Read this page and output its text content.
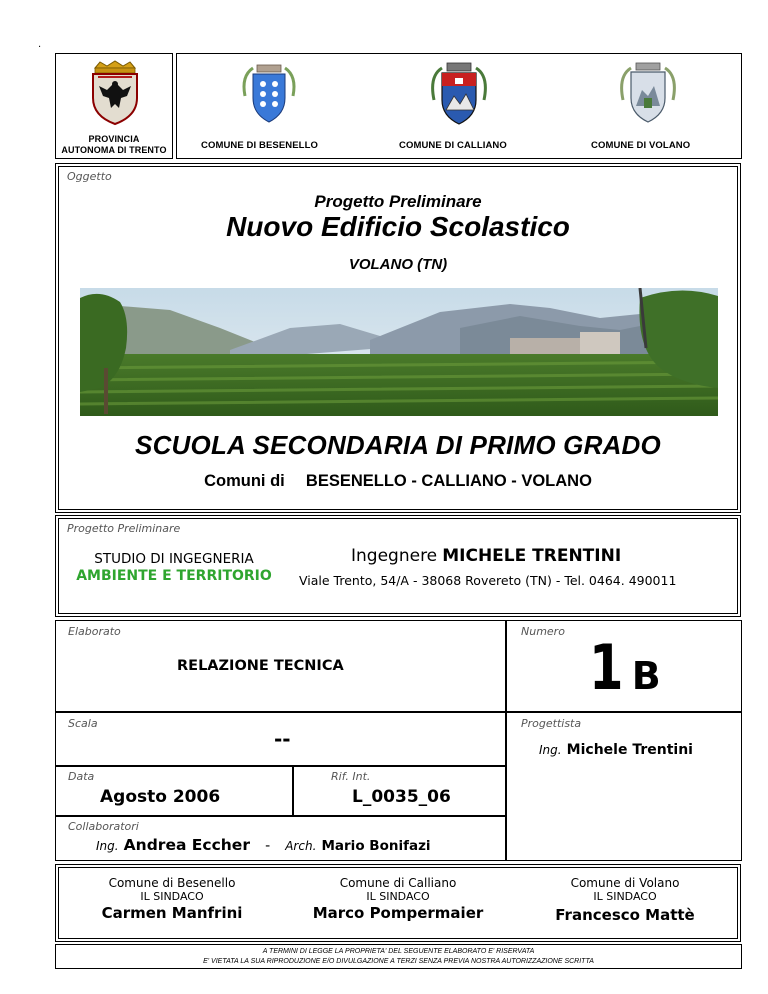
·
PROVINCIA
AUTONOMA DI TRENTO	COMUNE DI BESENELLO	COMUNE DI CALLIANO	COMUNE DI VOLANO
Oggetto
Progetto Preliminare
Nuovo Edificio Scolastico
VOLANO (TN)
SCUOLA SECONDARIA DI PRIMO GRADO
Comuni di BESENELLO - CALLIANO - VOLANO
Progetto Preliminare
STUDIO DI INGEGNERIA
AMBIENTE E TERRITORIO
Ingegnere MICHELE TRENTINI
Viale Trento, 54/A - 38068 Rovereto (TN) - Tel. 0464. 490011
Elaborato
RELAZIONE TECNICA
Numero 1 B
Scala
--
Progettista
Ing. Michele Trentini
Data
Agosto 2006
Rif. Int.
L_0035_06
Collaboratori
Ing. Andrea Eccher - Arch. Mario Bonifazi
Comune di Besenello
IL SINDACO
Carmen Manfrini
Comune di Calliano
IL SINDACO
Marco Pompermaier
Comune di Volano
IL SINDACO
Francesco Mattè
A TERMINI DI LEGGE LA PROPRIETA' DEL SEGUENTE ELABORATO E' RISERVATA
E' VIETATA LA SUA RIPRODUZIONE E/O DIVULGAZIONE A TERZI SENZA PREVIA NOSTRA AUTORIZZAZIONE SCRITTA
